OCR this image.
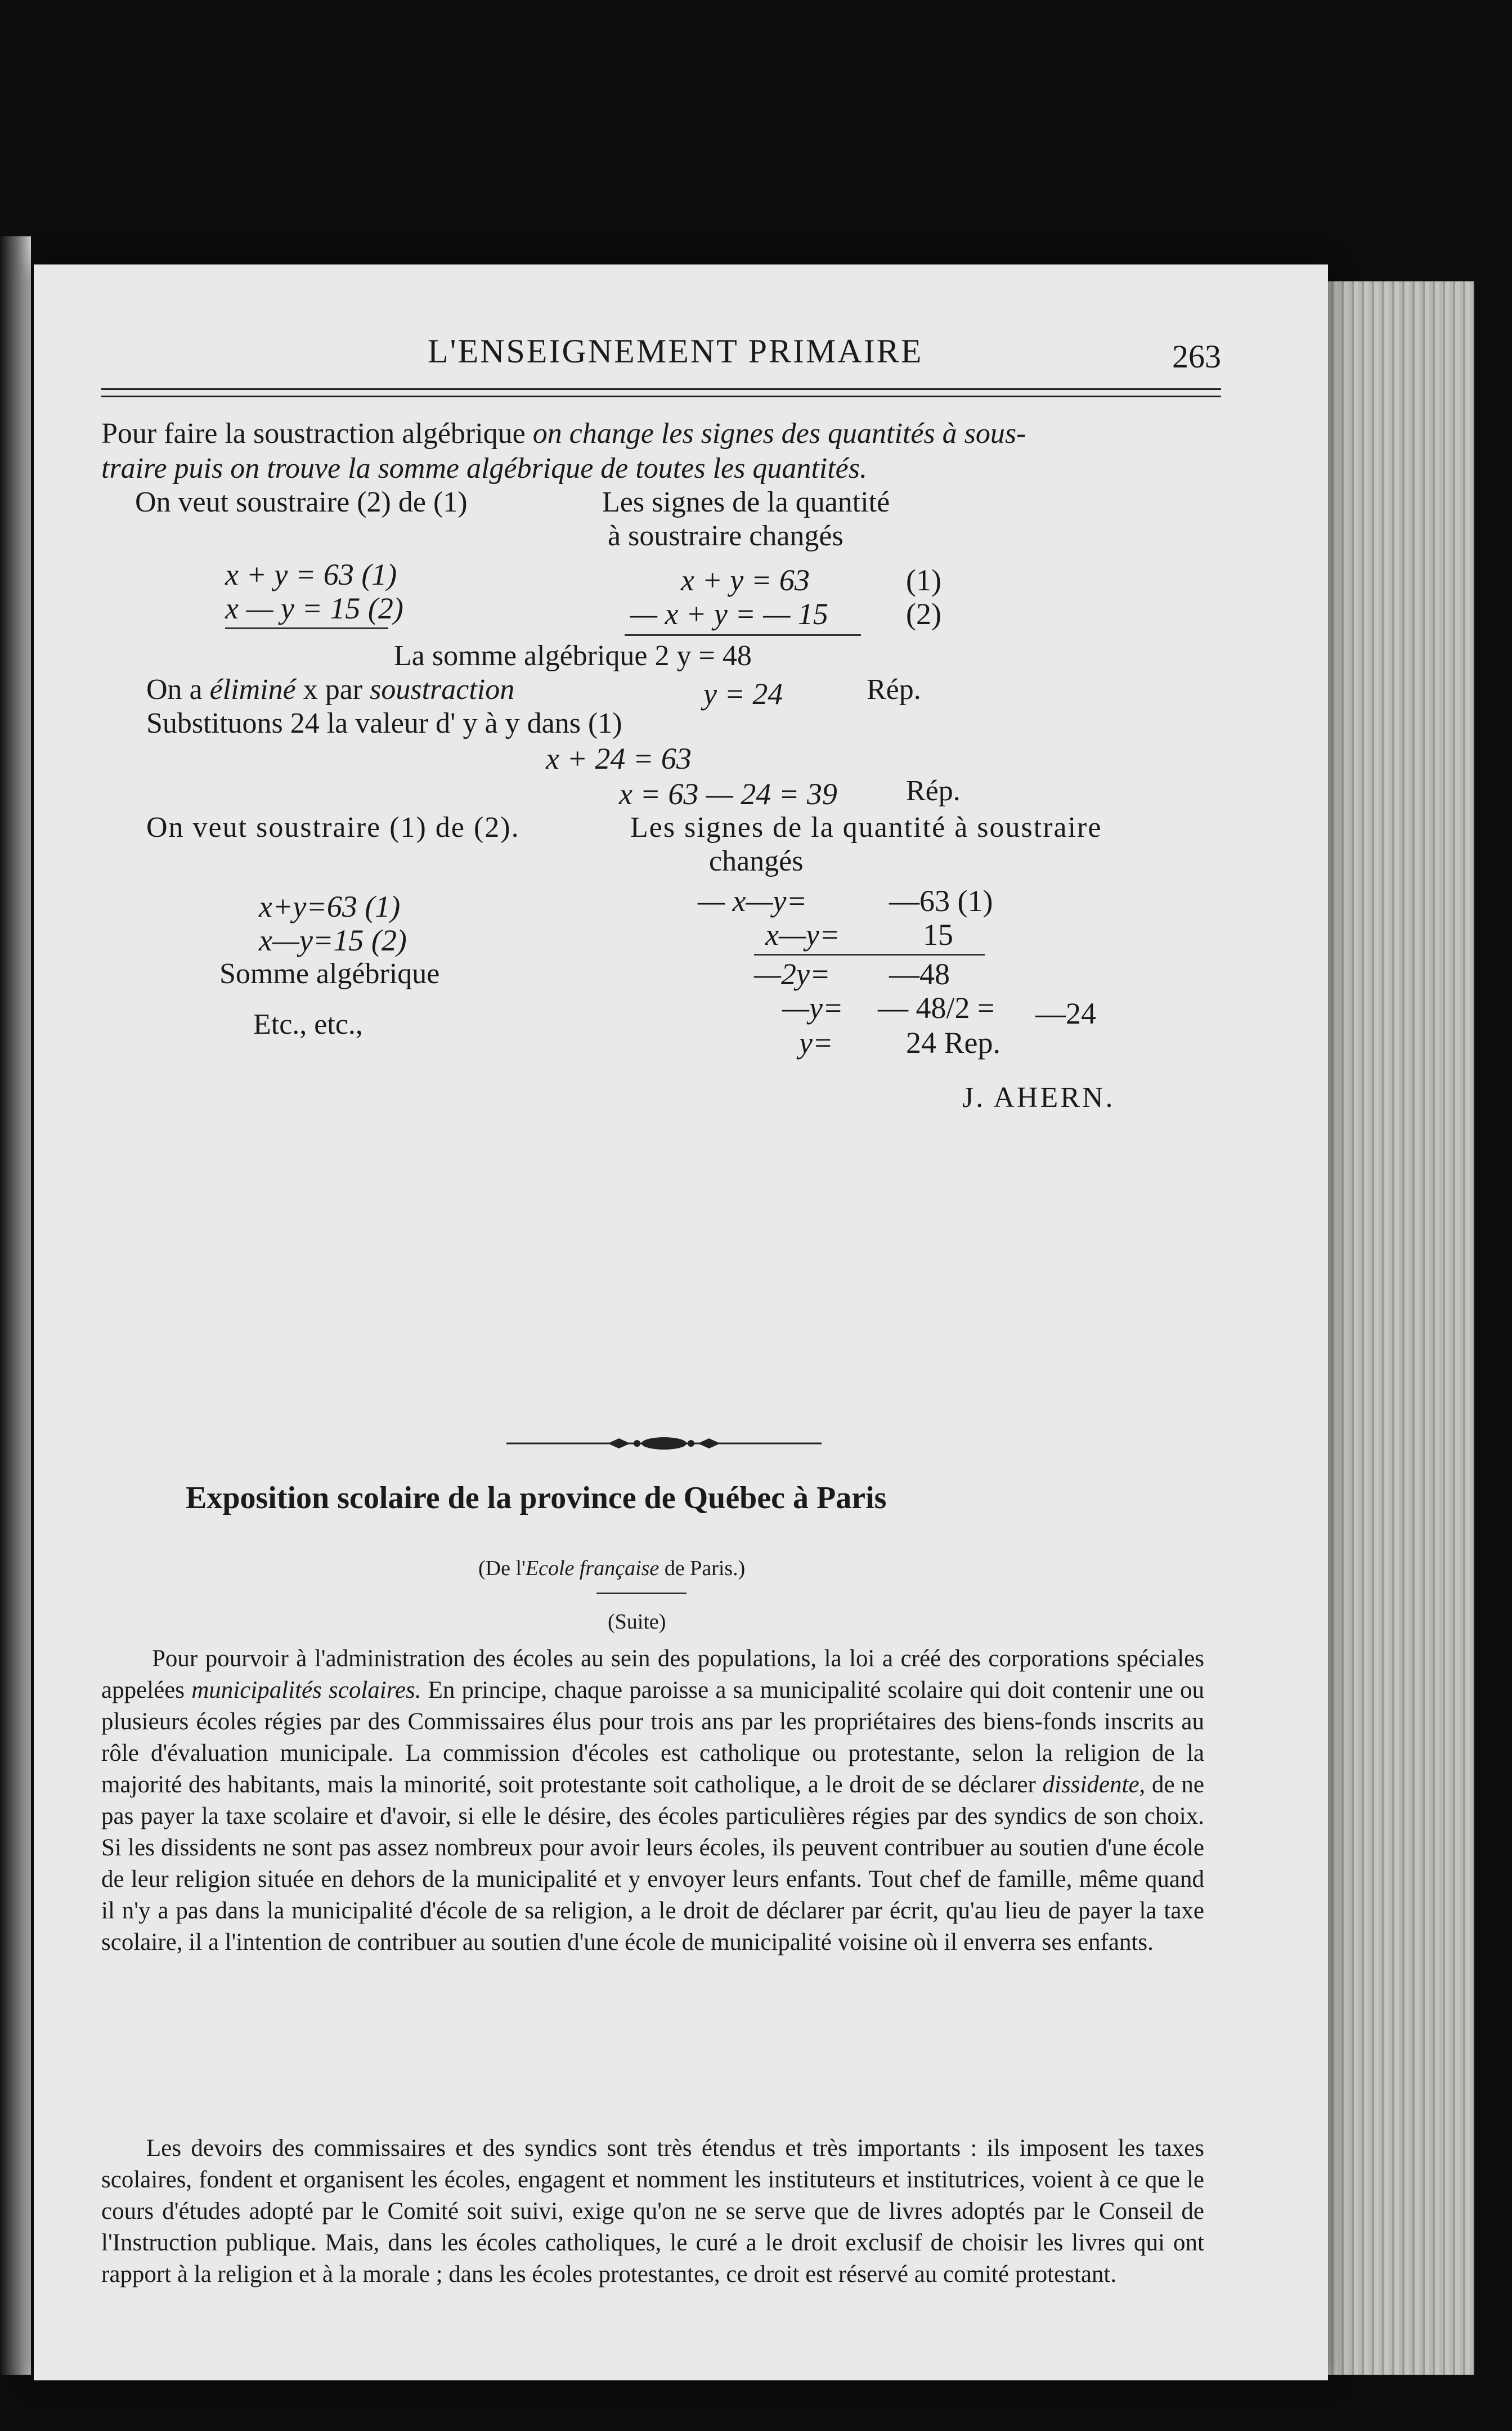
L'ENSEIGNEMENT PRIMAIRE	263
Pour faire la soustraction algébrique on change les signes des quantités à sous-
traire puis on trouve la somme algébrique de toutes les quantités.
On veut soustraire (2) de (1)	Les signes de la quantité
à soustraire changés
x + y = 63 (1)
x — y = 15 (2)
x + y = 63	(1)
— x + y = — 15	(2)
La somme algébrique 2 y = 48
On a éliminé x par soustraction	y = 24	Rép.
Substituons 24 la valeur d' y à y dans (1)
x + 24 = 63
x = 63 — 24 = 39 Rép.
On veut soustraire (1) de (2).	Les signes de la quantité à soustraire
changés
x+y=63 (1)
x—y=15 (2)
Somme algébrique
Etc., etc.,
— x—y=	—63 (1)
x—y=	15
—2y= —48
—y= — 48/2 = —24
y= 24 Rep.
J. AHERN.
Exposition scolaire de la province de Québec à Paris
(De l'Ecole française de Paris.)
(Suite)

Pour pourvoir à l'administration des écoles au sein des populations, la loi a créé des corporations spéciales appelées municipalités scolaires. En principe, chaque paroisse a sa municipalité scolaire qui doit contenir une ou plusieurs écoles régies par des Commissaires élus pour trois ans par les propriétaires des biens-fonds inscrits au rôle d'évaluation municipale. La commission d'écoles est catholique ou protestante, selon la religion de la majorité des habitants, mais la minorité, soit protestante soit catholique, a le droit de se déclarer dissidente, de ne pas payer la taxe scolaire et d'avoir, si elle le désire, des écoles particulières régies par des syndics de son choix. Si les dissidents ne sont pas assez nombreux pour avoir leurs écoles, ils peuvent contribuer au soutien d'une école de leur religion située en dehors de la municipalité et y envoyer leurs enfants. Tout chef de famille, même quand il n'y a pas dans la municipalité d'école de sa religion, a le droit de déclarer par écrit, qu'au lieu de payer la taxe scolaire, il a l'intention de contribuer au soutien d'une école de municipalité voisine où il enverra ses enfants.

Les devoirs des commissaires et des syndics sont très étendus et très importants : ils imposent les taxes scolaires, fondent et organisent les écoles, engagent et nomment les instituteurs et institutrices, voient à ce que le cours d'études adopté par le Comité soit suivi, exige qu'on ne se serve que de livres adoptés par le Conseil de l'Instruction publique. Mais, dans les écoles catholiques, le curé a le droit exclusif de choisir les livres qui ont rapport à la religion et à la morale ; dans les écoles protestantes, ce droit est réservé au comité protestant.
